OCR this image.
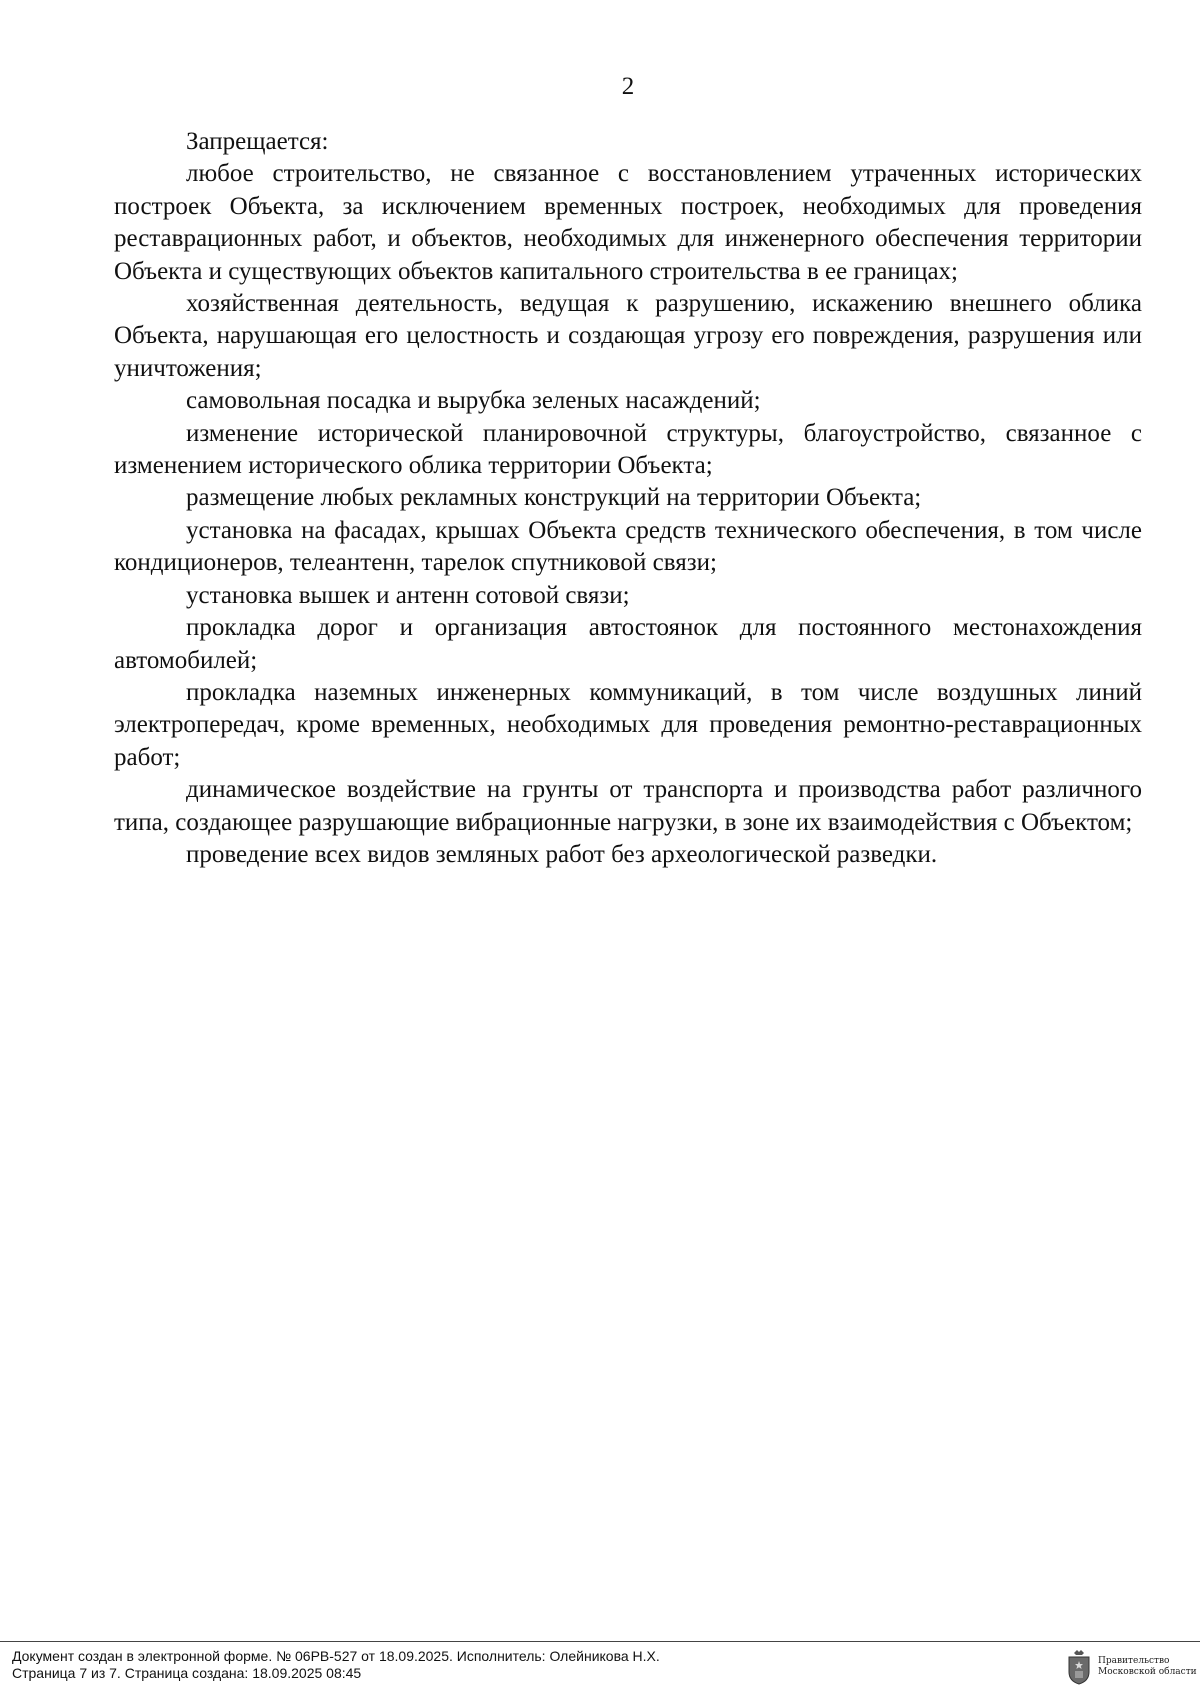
2

Запрещается:

любое строительство, не связанное с восстановлением утраченных исторических построек Объекта, за исключением временных построек, необходимых для проведения реставрационных работ, и объектов, необходимых для инженерного обеспечения территории Объекта и существующих объектов капитального строительства в ее границах;

хозяйственная деятельность, ведущая к разрушению, искажению внешнего облика Объекта, нарушающая его целостность и создающая угрозу его повреждения, разрушения или уничтожения;

самовольная посадка и вырубка зеленых насаждений;

изменение исторической планировочной структуры, благоустройство, связанное с изменением исторического облика территории Объекта;

размещение любых рекламных конструкций на территории Объекта;

установка на фасадах, крышах Объекта средств технического обеспечения, в том числе кондиционеров, телеантенн, тарелок спутниковой связи;

установка вышек и антенн сотовой связи;

прокладка дорог и организация автостоянок для постоянного местонахождения автомобилей;

прокладка наземных инженерных коммуникаций, в том числе воздушных линий электропередач, кроме временных, необходимых для проведения ремонтно-реставрационных работ;

динамическое воздействие на грунты от транспорта и производства работ различного типа, создающее разрушающие вибрационные нагрузки, в зоне их взаимодействия с Объектом;

проведение всех видов земляных работ без археологической разведки.

Документ создан в электронной форме. № 06РВ-527 от 18.09.2025. Исполнитель: Олейникова Н.Х.
Страница 7 из 7. Страница создана: 18.09.2025 08:45
Правительство
Московской области
